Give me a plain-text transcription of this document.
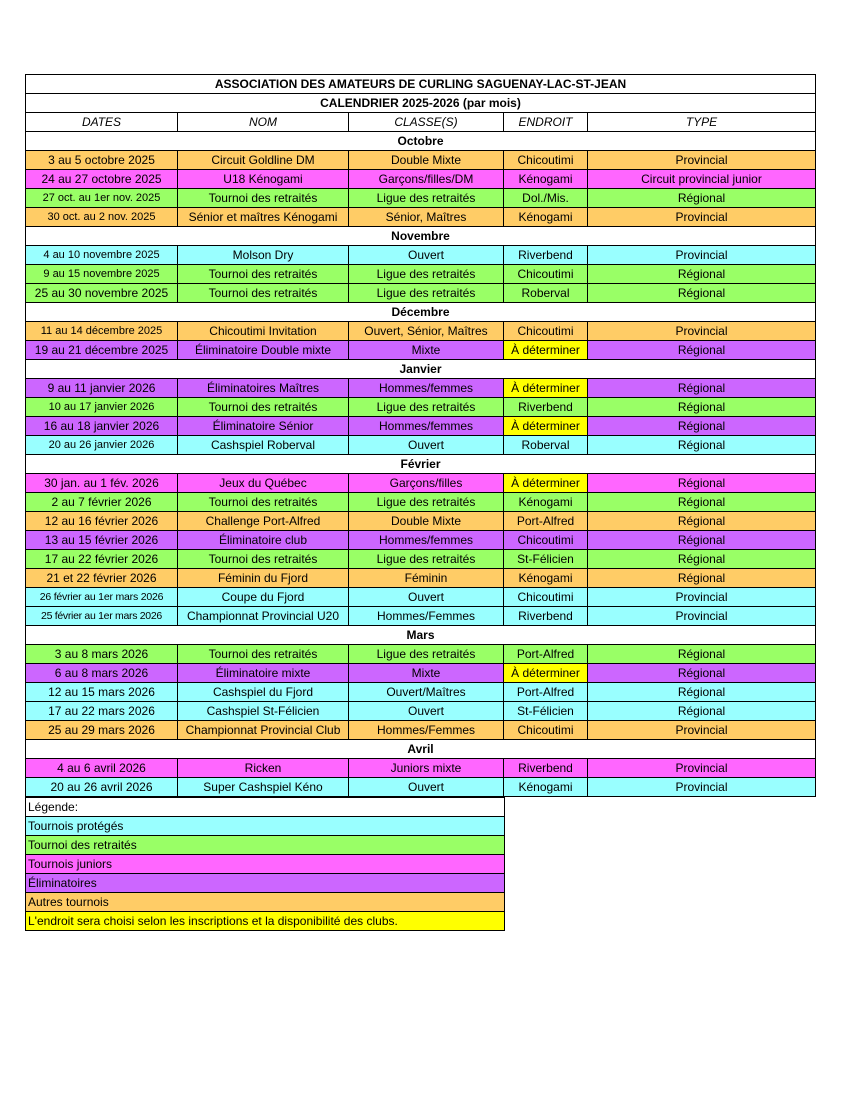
ASSOCIATION DES AMATEURS DE CURLING SAGUENAY-LAC-ST-JEAN				
CALENDRIER 2025-2026 (par mois)				
DATES	NOM	CLASSE(S)	ENDROIT	TYPE
Octobre				
3 au 5 octobre 2025	Circuit Goldline DM	Double Mixte	Chicoutimi	Provincial
24 au 27 octobre 2025	U18 Kénogami	Garçons/filles/DM	Kénogami	Circuit provincial junior
27 oct. au 1er nov. 2025	Tournoi des retraités	Ligue des retraités	Dol./Mis.	Régional
30 oct. au 2 nov. 2025	Sénior et maîtres Kénogami	Sénior, Maîtres	Kénogami	Provincial
Novembre				
4 au 10 novembre 2025	Molson Dry	Ouvert	Riverbend	Provincial
9 au 15 novembre 2025	Tournoi des retraités	Ligue des retraités	Chicoutimi	Régional
25 au 30 novembre 2025	Tournoi des retraités	Ligue des retraités	Roberval	Régional
Décembre				
11 au 14 décembre 2025	Chicoutimi Invitation	Ouvert, Sénior, Maîtres	Chicoutimi	Provincial
19 au 21 décembre 2025	Éliminatoire Double mixte	Mixte	À déterminer	Régional
Janvier				
9 au 11 janvier 2026	Éliminatoires Maîtres	Hommes/femmes	À déterminer	Régional
10 au 17 janvier 2026	Tournoi des retraités	Ligue des retraités	Riverbend	Régional
16 au 18 janvier 2026	Éliminatoire Sénior	Hommes/femmes	À déterminer	Régional
20 au 26 janvier 2026	Cashspiel Roberval	Ouvert	Roberval	Régional
Février				
30 jan. au 1 fév. 2026	Jeux du Québec	Garçons/filles	À déterminer	Régional
2 au 7 février 2026	Tournoi des retraités	Ligue des retraités	Kénogami	Régional
12 au 16 février 2026	Challenge Port-Alfred	Double Mixte	Port-Alfred	Régional
13 au 15 février 2026	Éliminatoire club	Hommes/femmes	Chicoutimi	Régional
17 au 22 février 2026	Tournoi des retraités	Ligue des retraités	St-Félicien	Régional
21 et 22 février 2026	Féminin du Fjord	Féminin	Kénogami	Régional
26 février au 1er mars 2026	Coupe du Fjord	Ouvert	Chicoutimi	Provincial
25 février au 1er mars 2026	Championnat Provincial U20	Hommes/Femmes	Riverbend	Provincial
Mars				
3 au 8 mars 2026	Tournoi des retraités	Ligue des retraités	Port-Alfred	Régional
6 au 8 mars 2026	Éliminatoire mixte	Mixte	À déterminer	Régional
12 au 15 mars 2026	Cashspiel du Fjord	Ouvert/Maîtres	Port-Alfred	Régional
17 au 22 mars 2026	Cashspiel St-Félicien	Ouvert	St-Félicien	Régional
25 au 29 mars 2026	Championnat Provincial Club	Hommes/Femmes	Chicoutimi	Provincial
Avril				
4 au 6 avril 2026	Ricken	Juniors mixte	Riverbend	Provincial
20 au 26 avril 2026	Super Cashspiel Kéno	Ouvert	Kénogami	Provincial
Légende:
Tournois protégés
Tournoi des retraités
Tournois juniors
Éliminatoires
Autres tournois
L'endroit sera choisi selon les inscriptions et la disponibilité des clubs.
